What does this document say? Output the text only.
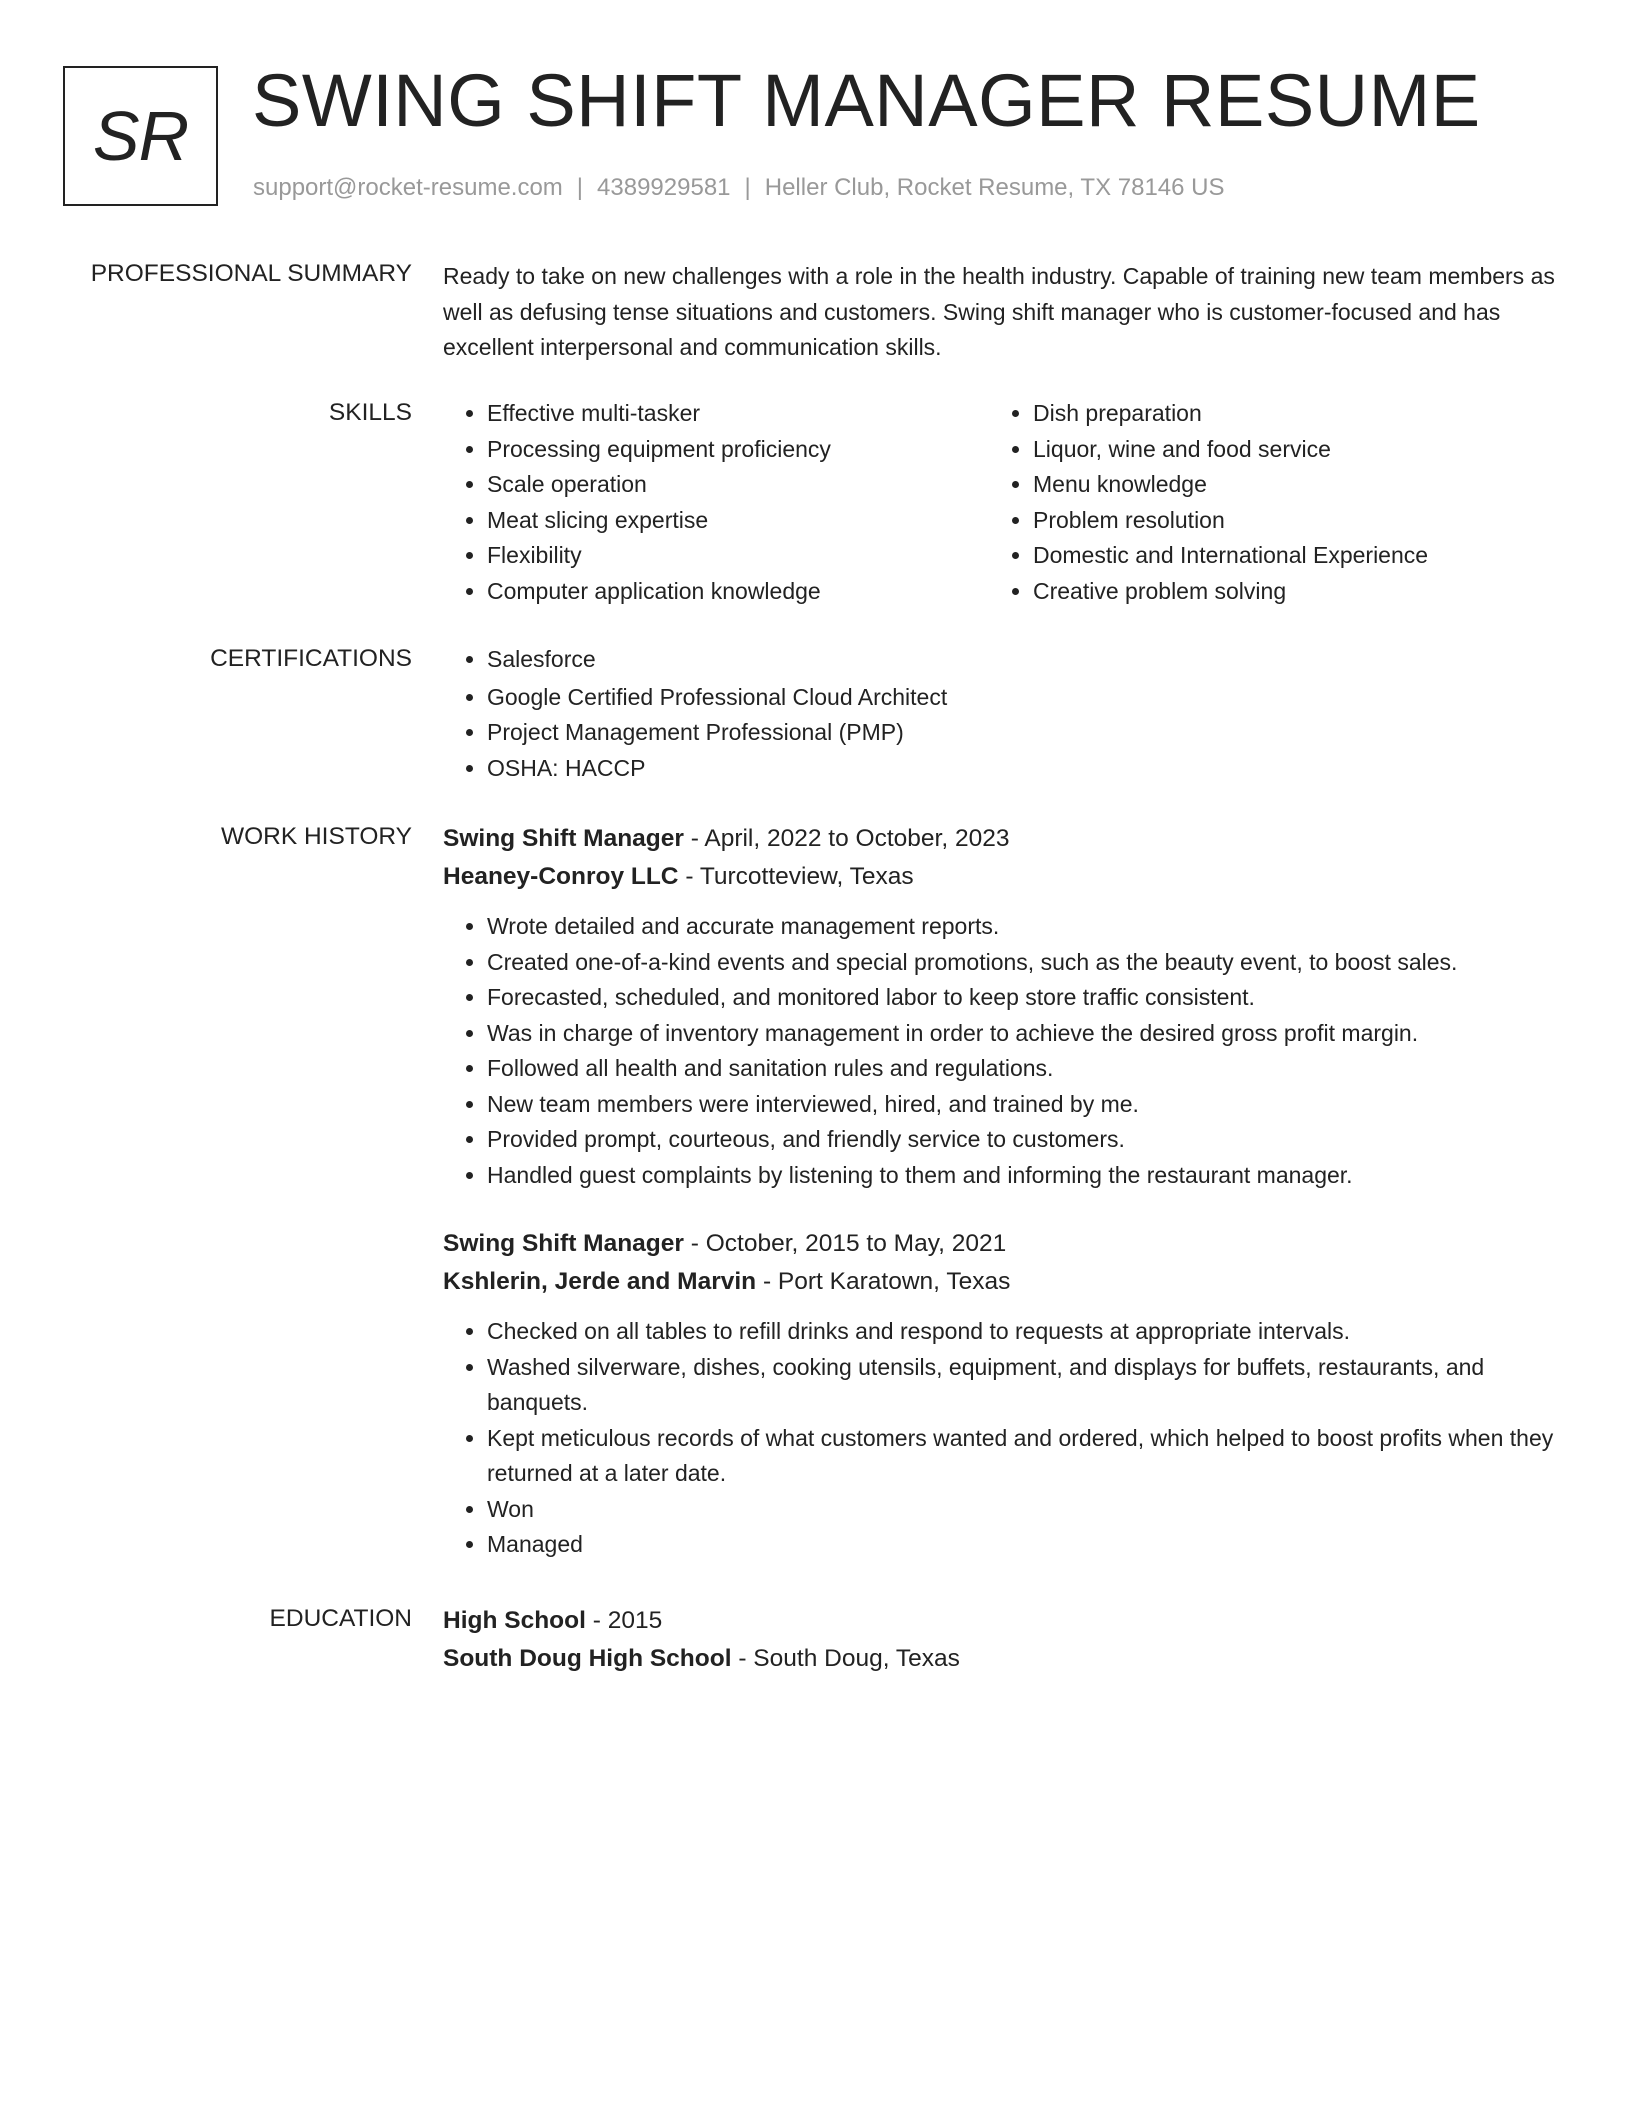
SR SWING SHIFT MANAGER RESUME
support@rocket-resume.com | 4389929581 | Heller Club, Rocket Resume, TX 78146 US
PROFESSIONAL SUMMARY Ready to take on new challenges with a role in the health industry. Capable of training new team members as well as defusing tense situations and customers. Swing shift manager who is customer-focused and has excellent interpersonal and communication skills.

SKILLS	• Effective multi-tasker
• Processing equipment proficiency
• Scale operation
• Meat slicing expertise
• Flexibility
• Computer application knowledge
• Dish preparation
• Liquor, wine and food service
• Menu knowledge
• Problem resolution
• Domestic and International Experience
• Creative problem solving
CERTIFICATIONS	• Salesforce
• Google Certified Professional Cloud Architect
• Project Management Professional (PMP)
• OSHA: HACCP
WORK HISTORY Swing Shift Manager - April, 2022 to October, 2023
Heaney-Conroy LLC - Turcotteview, Texas
• Wrote detailed and accurate management reports.
• Created one-of-a-kind events and special promotions, such as the beauty event, to boost sales.
• Forecasted, scheduled, and monitored labor to keep store traffic consistent.
• Was in charge of inventory management in order to achieve the desired gross profit margin.
• Followed all health and sanitation rules and regulations.
• New team members were interviewed, hired, and trained by me.
• Provided prompt, courteous, and friendly service to customers.
• Handled guest complaints by listening to them and informing the restaurant manager.
Swing Shift Manager - October, 2015 to May, 2021
Kshlerin, Jerde and Marvin - Port Karatown, Texas
• Checked on all tables to refill drinks and respond to requests at appropriate intervals.
• Washed silverware, dishes, cooking utensils, equipment, and displays for buffets, restaurants, and banquets.
• Kept meticulous records of what customers wanted and ordered, which helped to boost profits when they returned at a later date.
• Won
• Managed
EDUCATION High School - 2015
South Doug High School - South Doug, Texas
